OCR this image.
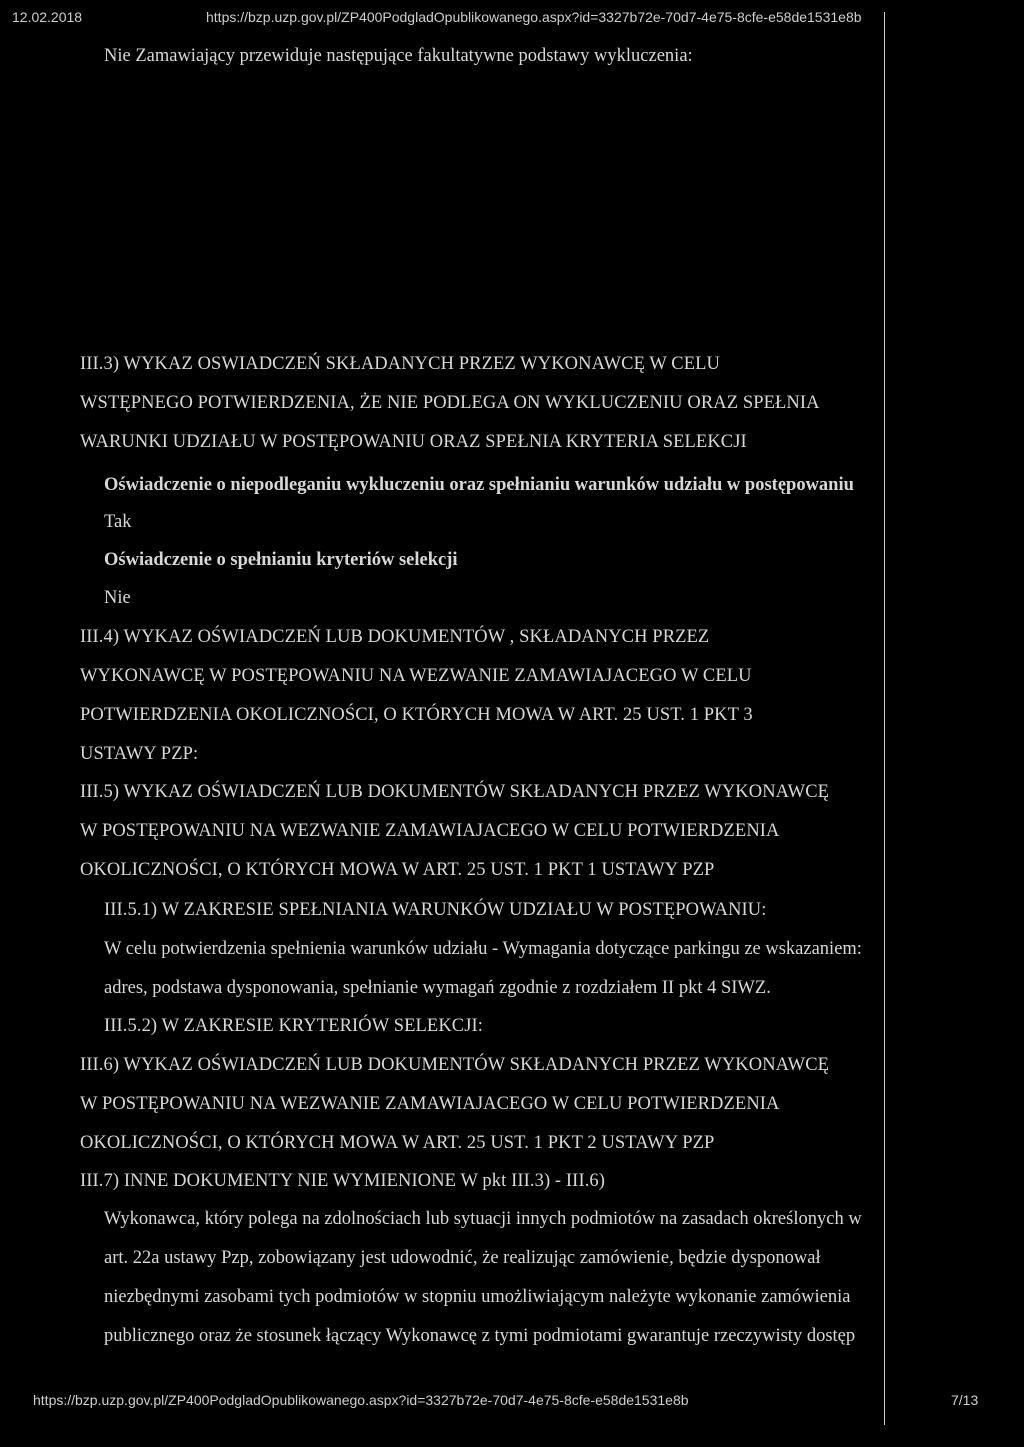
12.02.2018	https://bzp.uzp.gov.pl/ZP400PodgladOpublikowanego.aspx?id=3327b72e-70d7-4e75-8cfe-e58de1531e8b
Nie Zamawiający przewiduje następujące fakultatywne podstawy wykluczenia:
III.3) WYKAZ OSWIADCZEŃ SKŁADANYCH PRZEZ WYKONAWCĘ W CELU
WSTĘPNEGO POTWIERDZENIA, ŻE NIE PODLEGA ON WYKLUCZENIU ORAZ SPEŁNIA
WARUNKI UDZIAŁU W POSTĘPOWANIU ORAZ SPEŁNIA KRYTERIA SELEKCJI
Oświadczenie o niepodleganiu wykluczeniu oraz spełnianiu warunków udziału w postępowaniu
Tak
Oświadczenie o spełnianiu kryteriów selekcji
Nie
III.4) WYKAZ OŚWIADCZEŃ LUB DOKUMENTÓW , SKŁADANYCH PRZEZ
WYKONAWCĘ W POSTĘPOWANIU NA WEZWANIE ZAMAWIAJACEGO W CELU
POTWIERDZENIA OKOLICZNOŚCI, O KTÓRYCH MOWA W ART. 25 UST. 1 PKT 3
USTAWY PZP:
III.5) WYKAZ OŚWIADCZEŃ LUB DOKUMENTÓW SKŁADANYCH PRZEZ WYKONAWCĘ
W POSTĘPOWANIU NA WEZWANIE ZAMAWIAJACEGO W CELU POTWIERDZENIA
OKOLICZNOŚCI, O KTÓRYCH MOWA W ART. 25 UST. 1 PKT 1 USTAWY PZP
III.5.1) W ZAKRESIE SPEŁNIANIA WARUNKÓW UDZIAŁU W POSTĘPOWANIU:
W celu potwierdzenia spełnienia warunków udziału - Wymagania dotyczące parkingu ze wskazaniem:
adres, podstawa dysponowania, spełnianie wymagań zgodnie z rozdziałem II pkt 4 SIWZ.
III.5.2) W ZAKRESIE KRYTERIÓW SELEKCJI:
III.6) WYKAZ OŚWIADCZEŃ LUB DOKUMENTÓW SKŁADANYCH PRZEZ WYKONAWCĘ
W POSTĘPOWANIU NA WEZWANIE ZAMAWIAJACEGO W CELU POTWIERDZENIA
OKOLICZNOŚCI, O KTÓRYCH MOWA W ART. 25 UST. 1 PKT 2 USTAWY PZP
III.7) INNE DOKUMENTY NIE WYMIENIONE W pkt III.3) - III.6)
Wykonawca, który polega na zdolnościach lub sytuacji innych podmiotów na zasadach określonych w
art. 22a ustawy Pzp, zobowiązany jest udowodnić, że realizując zamówienie, będzie dysponował
niezbędnymi zasobami tych podmiotów w stopniu umożliwiającym należyte wykonanie zamówienia
publicznego oraz że stosunek łączący Wykonawcę z tymi podmiotami gwarantuje rzeczywisty dostęp
https://bzp.uzp.gov.pl/ZP400PodgladOpublikowanego.aspx?id=3327b72e-70d7-4e75-8cfe-e58de1531e8b	7/13
